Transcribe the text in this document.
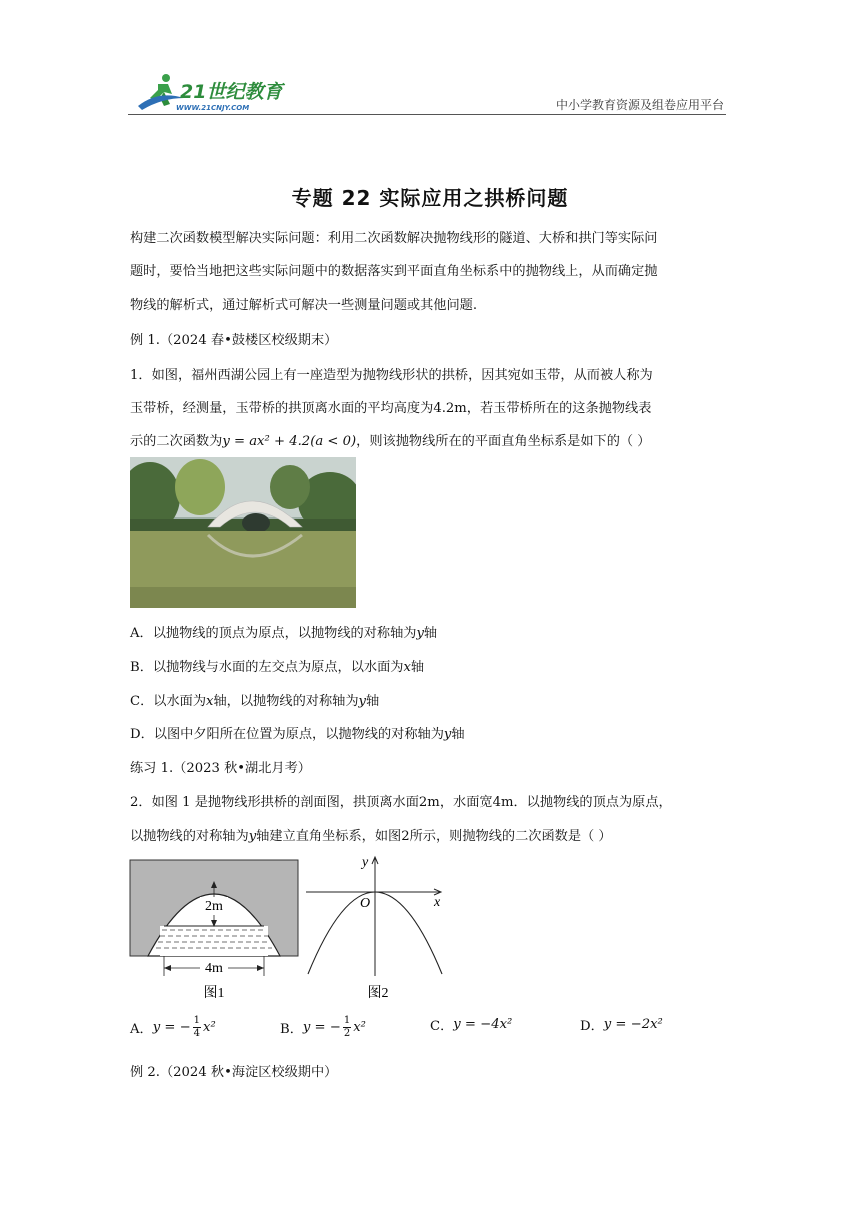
21世纪教育
WWW.21CNJY.COM	中小学教育资源及组卷应用平台
专题 22 实际应用之拱桥问题
构建二次函数模型解决实际问题：利用二次函数解决抛物线形的隧道、大桥和拱门等实际问
题时，要恰当地把这些实际问题中的数据落实到平面直角坐标系中的抛物线上，从而确定抛
物线的解析式，通过解析式可解决一些测量问题或其他问题.
例 1.（2024 春•鼓楼区校级期末）
1．如图，福州西湖公园上有一座造型为抛物线形状的拱桥，因其宛如玉带，从而被人称为
玉带桥，经测量，玉带桥的拱顶离水面的平均高度为4.2m，若玉带桥所在的这条抛物线表
示的二次函数为y = ax² + 4.2(a < 0)，则该抛物线所在的平面直角坐标系是如下的（ ）
A．以抛物线的顶点为原点，以抛物线的对称轴为y轴
B．以抛物线与水面的左交点为原点，以水面为x轴
C．以水面为x轴，以抛物线的对称轴为y轴
D．以图中夕阳所在位置为原点，以抛物线的对称轴为y轴
练习 1.（2023 秋•湖北月考）
2．如图 1 是抛物线形拱桥的剖面图，拱顶离水面2m，水面宽4m．以抛物线的顶点为原点，
以抛物线的对称轴为y轴建立直角坐标系，如图2所示，则抛物线的二次函数是（ ）
2m
4m
图1
x
y
O
图2
A． y = − $\frac{1}{4} x^2$	B． y = − $\frac{1}{2} x^2$	C． y = −4x²	D． y = −2x²
例 2.（2024 秋•海淀区校级期中）
